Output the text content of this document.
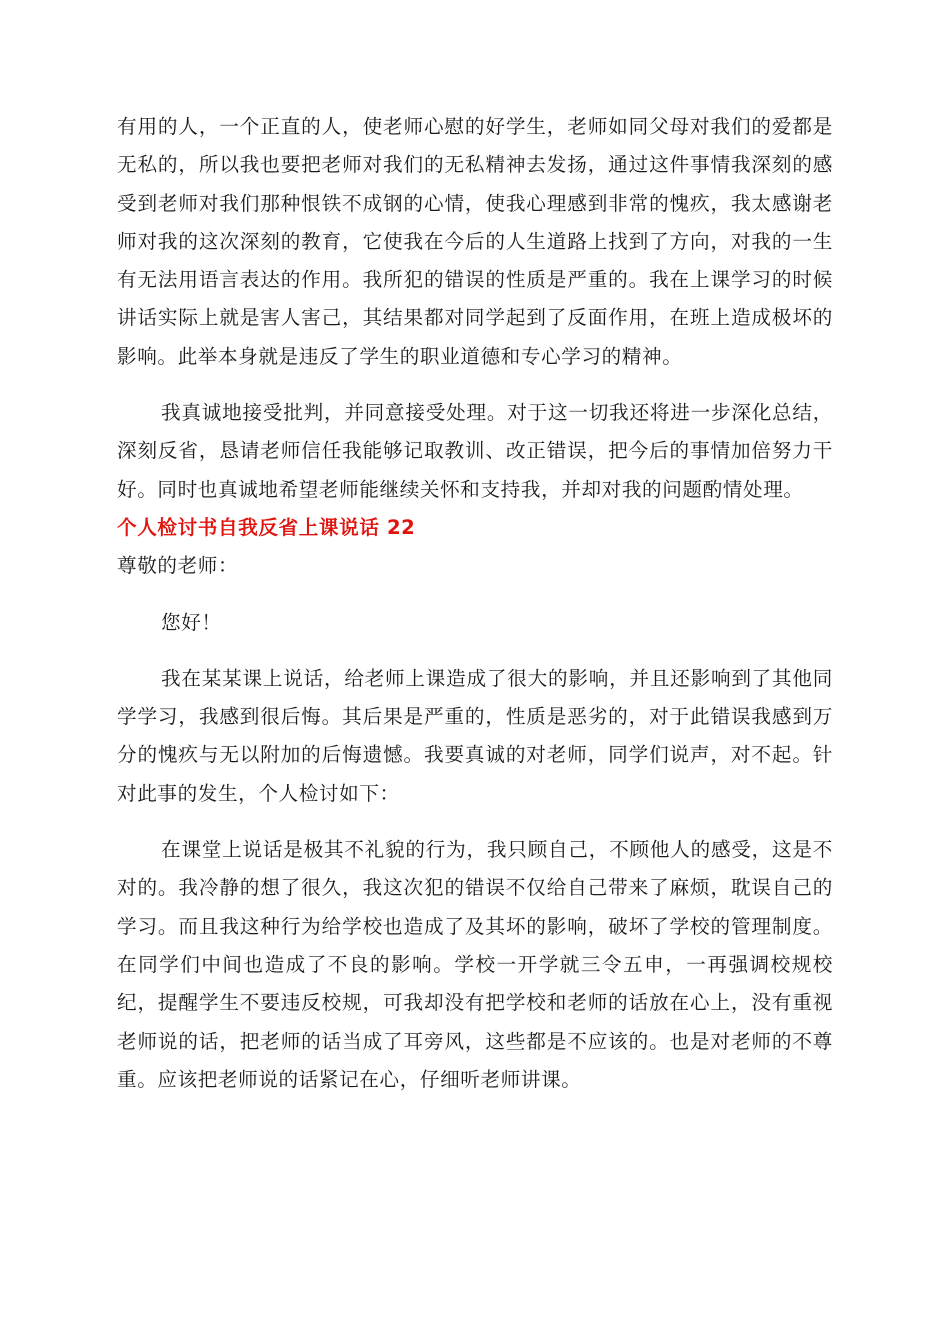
有用的人，一个正直的人，使老师心慰的好学生，老师如同父母对我们的爱都是无私的，所以我也要把老师对我们的无私精神去发扬，通过这件事情我深刻的感受到老师对我们那种恨铁不成钢的心情，使我心理感到非常的愧疚，我太感谢老师对我的这次深刻的教育，它使我在今后的人生道路上找到了方向，对我的一生有无法用语言表达的作用。我所犯的错误的性质是严重的。我在上课学习的时候讲话实际上就是害人害己，其结果都对同学起到了反面作用，在班上造成极坏的影响。此举本身就是违反了学生的职业道德和专心学习的精神。

我真诚地接受批判，并同意接受处理。对于这一切我还将进一步深化总结，深刻反省，恳请老师信任我能够记取教训、改正错误，把今后的事情加倍努力干好。同时也真诚地希望老师能继续关怀和支持我，并却对我的问题酌情处理。

个人检讨书自我反省上课说话 22

尊敬的老师：

您好！

我在某某课上说话，给老师上课造成了很大的影响，并且还影响到了其他同学学习，我感到很后悔。其后果是严重的，性质是恶劣的，对于此错误我感到万分的愧疚与无以附加的后悔遗憾。我要真诚的对老师，同学们说声，对不起。针对此事的发生，个人检讨如下：

在课堂上说话是极其不礼貌的行为，我只顾自己，不顾他人的感受，这是不对的。我冷静的想了很久，我这次犯的错误不仅给自己带来了麻烦，耽误自己的学习。而且我这种行为给学校也造成了及其坏的影响，破坏了学校的管理制度。在同学们中间也造成了不良的影响。学校一开学就三令五申，一再强调校规校纪，提醒学生不要违反校规，可我却没有把学校和老师的话放在心上，没有重视老师说的话，把老师的话当成了耳旁风，这些都是不应该的。也是对老师的不尊重。应该把老师说的话紧记在心，仔细听老师讲课。
